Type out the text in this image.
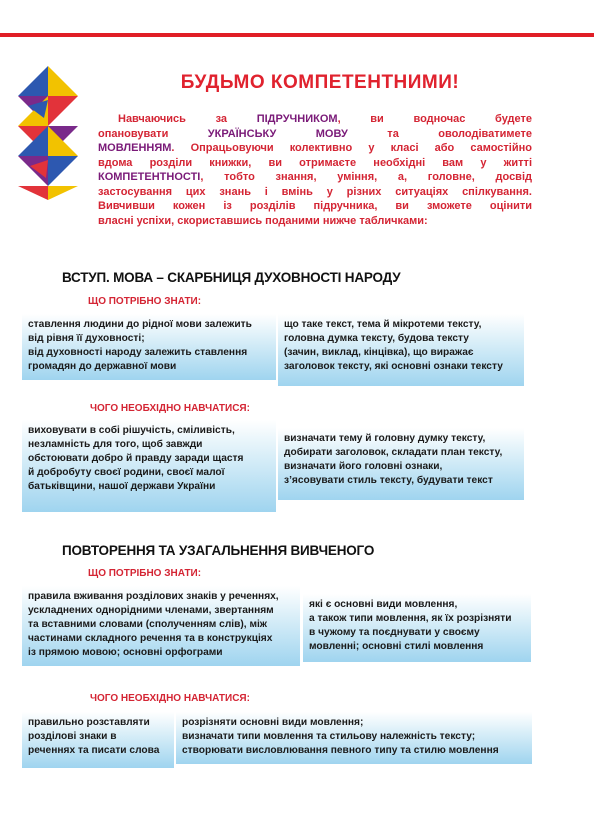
БУДЬМО КОМПЕТЕНТНИМИ!
Навчаючись за ПІДРУЧНИКОМ, ви водночас будете
опановувати УКРАЇНСЬКУ МОВУ та оволодіватимете
МОВЛЕННЯМ. Опрацьовуючи колективно у класі або самостійно
вдома розділи книжки, ви отримаєте необхідні вам у житті
КОМПЕТЕНТНОСТІ, тобто знання, уміння, а, головне, досвід
застосування цих знань і вмінь у різних ситуаціях спілкування.
Вивчивши кожен із розділів підручника, ви зможете оцінити
власні успіхи, скориставшись поданими нижче табличками:
ВСТУП. МОВА – СКАРБНИЦЯ ДУХОВНОСТІ НАРОДУ
ЩО ПОТРІБНО ЗНАТИ:
ставлення людини до рідної мови залежить
від рівня її духовності;
від духовності народу залежить ставлення
громадян до державної мови
що таке текст, тема й мікротеми тексту,
головна думка тексту, будова тексту
(зачин, виклад, кінцівка), що виражає
заголовок тексту, які основні ознаки тексту
ЧОГО НЕОБХІДНО НАВЧАТИСЯ:
виховувати в собі рішучість, сміливість,
незламність для того, щоб завжди
обстоювати добро й правду заради щастя
й добробуту своєї родини, своєї малої
батьківщини, нашої держави України
визначати тему й головну думку тексту,
добирати заголовок, складати план тексту,
визначати його головні ознаки,
з’ясовувати стиль тексту, будувати текст
ПОВТОРЕННЯ ТА УЗАГАЛЬНЕННЯ ВИВЧЕНОГО
ЩО ПОТРІБНО ЗНАТИ:
правила вживання розділових знаків у реченнях,
ускладнених однорідними членами, звертанням
та вставними словами (сполученням слів), між
частинами складного речення та в конструкціях
із прямою мовою; основні орфограми
які є основні види мовлення,
а також типи мовлення, як їх розрізняти
в чужому та поєднувати у своєму
мовленні; основні стилі мовлення
ЧОГО НЕОБХІДНО НАВЧАТИСЯ:
правильно розставляти
розділові знаки в
реченнях та писати слова
розрізняти основні види мовлення;
визначати типи мовлення та стильову належність тексту;
створювати висловлювання певного типу та стилю мовлення
